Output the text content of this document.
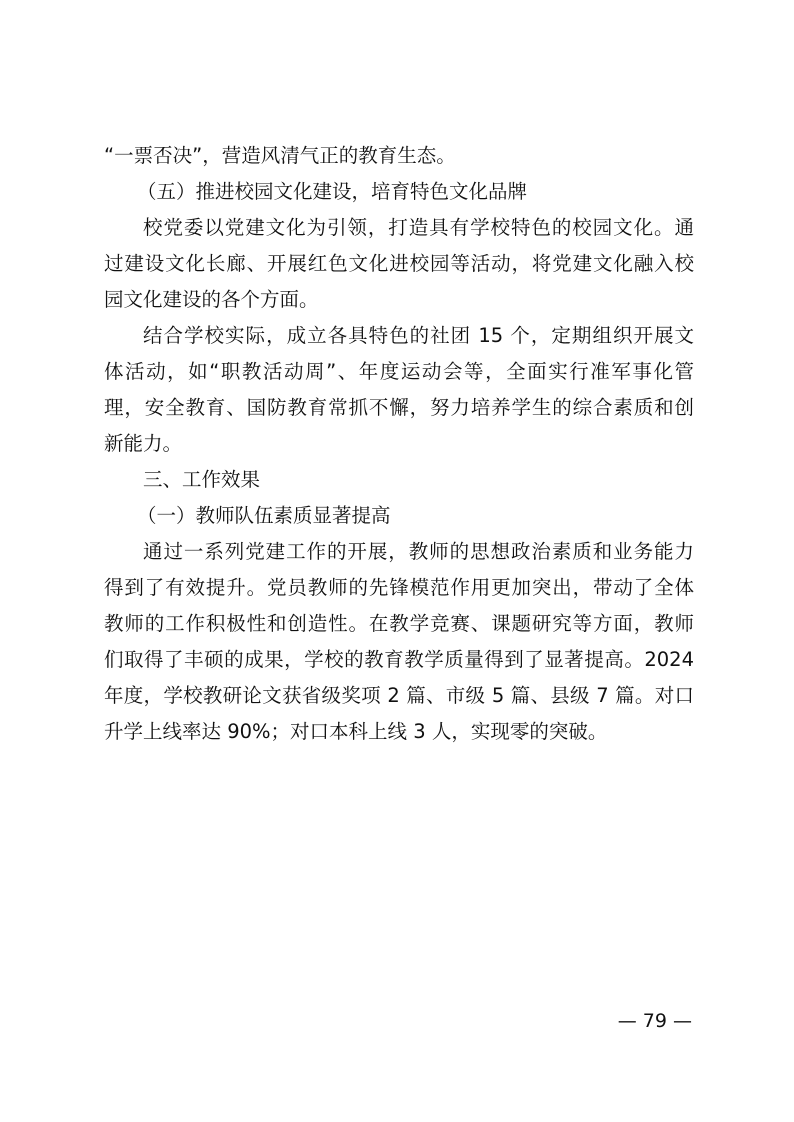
“一票否决”，营造风清气正的教育生态。
（五）推进校园文化建设，培育特色文化品牌
校党委以党建文化为引领，打造具有学校特色的校园文化。通
过建设文化长廊、开展红色文化进校园等活动，将党建文化融入校
园文化建设的各个方面。
结合学校实际，成立各具特色的社团 15 个，定期组织开展文
体活动，如“职教活动周”、年度运动会等，全面实行准军事化管
理，安全教育、国防教育常抓不懈，努力培养学生的综合素质和创
新能力。
三、工作效果
（一）教师队伍素质显著提高
通过一系列党建工作的开展，教师的思想政治素质和业务能力
得到了有效提升。党员教师的先锋模范作用更加突出，带动了全体
教师的工作积极性和创造性。在教学竞赛、课题研究等方面，教师
们取得了丰硕的成果，学校的教育教学质量得到了显著提高。2024
年度，学校教研论文获省级奖项 2 篇、市级 5 篇、县级 7 篇。对口
升学上线率达 90%；对口本科上线 3 人，实现零的突破。
— 79 —
